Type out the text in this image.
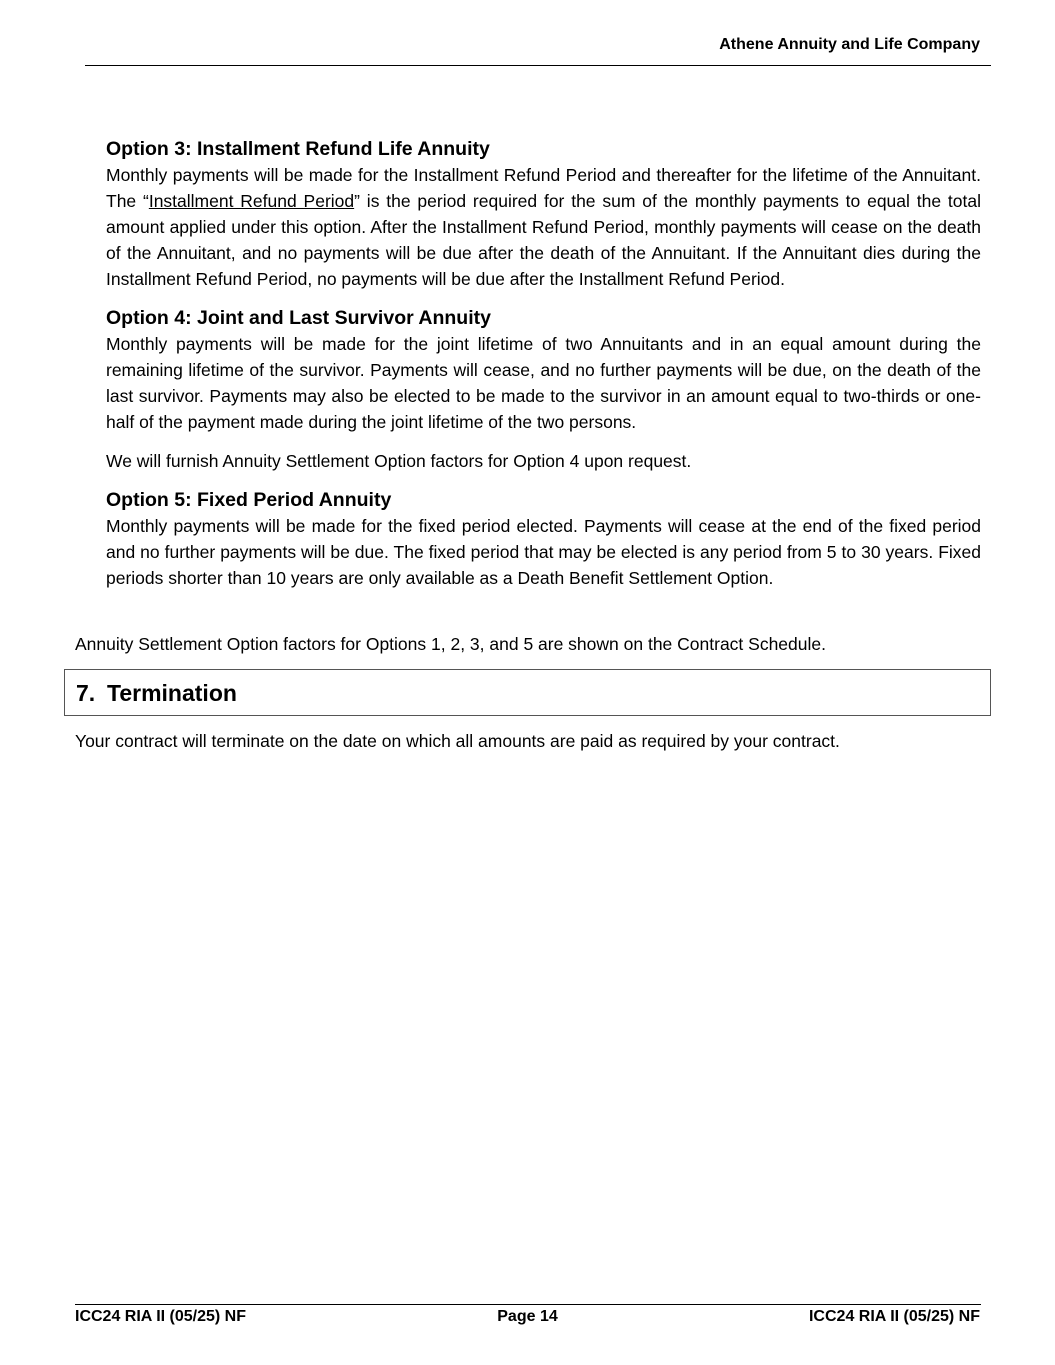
Athene Annuity and Life Company
Option 3: Installment Refund Life Annuity

Monthly payments will be made for the Installment Refund Period and thereafter for the lifetime of the Annuitant. The “Installment Refund Period” is the period required for the sum of the monthly payments to equal the total amount applied under this option. After the Installment Refund Period, monthly payments will cease on the death of the Annuitant, and no payments will be due after the death of the Annuitant. If the Annuitant dies during the Installment Refund Period, no payments will be due after the Installment Refund Period.

Option 4: Joint and Last Survivor Annuity

Monthly payments will be made for the joint lifetime of two Annuitants and in an equal amount during the remaining lifetime of the survivor. Payments will cease, and no further payments will be due, on the death of the last survivor. Payments may also be elected to be made to the survivor in an amount equal to two-thirds or one-half of the payment made during the joint lifetime of the two persons.

We will furnish Annuity Settlement Option factors for Option 4 upon request.

Option 5: Fixed Period Annuity

Monthly payments will be made for the fixed period elected. Payments will cease at the end of the fixed period and no further payments will be due. The fixed period that may be elected is any period from 5 to 30 years. Fixed periods shorter than 10 years are only available as a Death Benefit Settlement Option.

Annuity Settlement Option factors for Options 1, 2, 3, and 5 are shown on the Contract Schedule.
7. Termination
Your contract will terminate on the date on which all amounts are paid as required by your contract.
ICC24 RIA II (05/25) NF	Page 14	ICC24 RIA II (05/25) NF
